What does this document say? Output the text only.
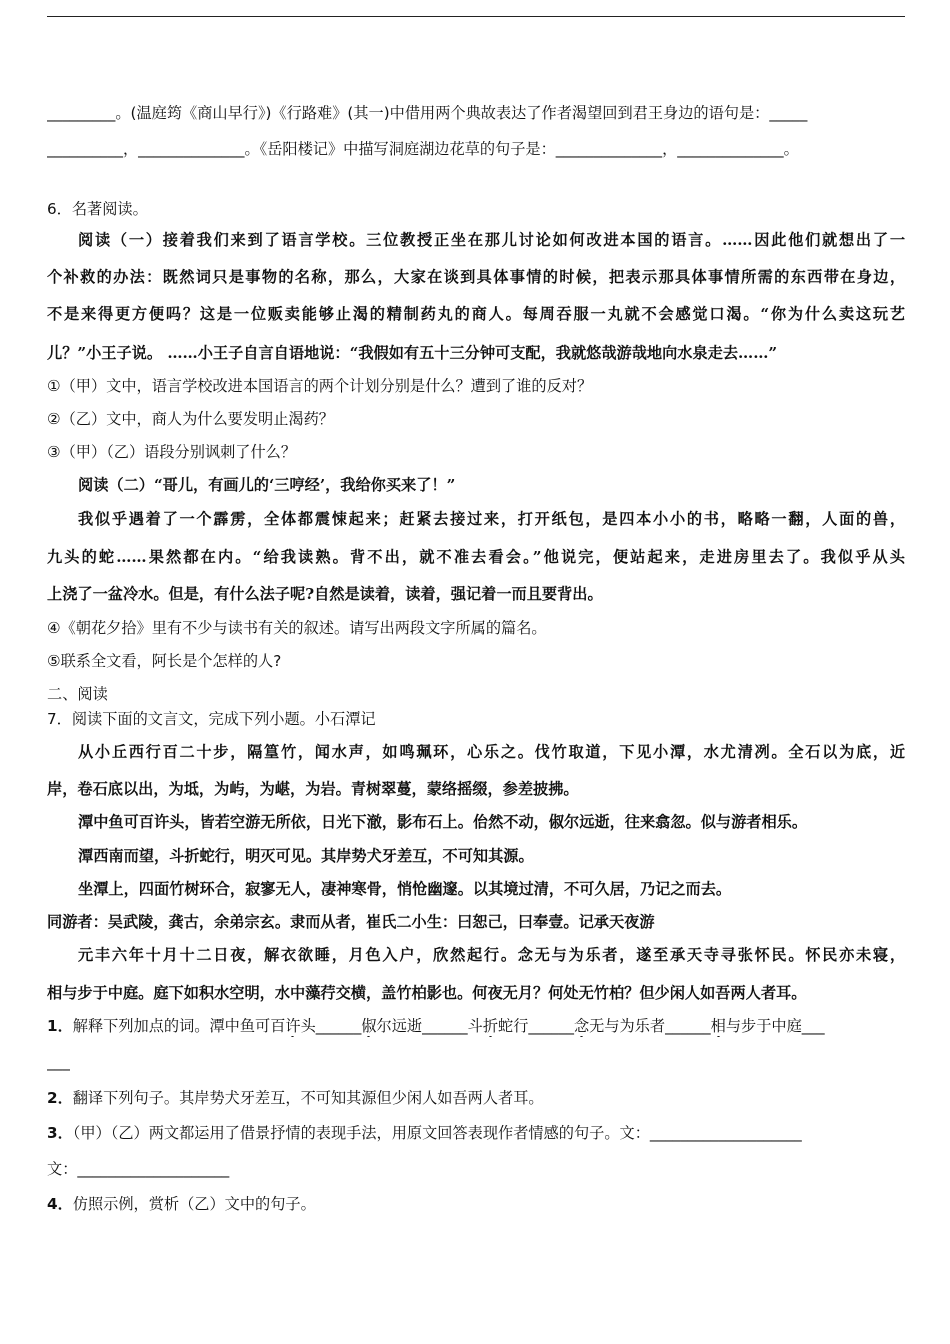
_________。(温庭筠《商山早行》)《行路难》(其一)中借用两个典故表达了作者渴望回到君王身边的语句是：_____
__________，______________。《岳阳楼记》中描写洞庭湖边花草的句子是：______________，______________。
6．名著阅读。
阅读（一）接着我们来到了语言学校。三位教授正坐在那儿讨论如何改进本国的语言。……因此他们就想出了一
个补救的办法：既然词只是事物的名称，那么，大家在谈到具体事情的时候，把表示那具体事情所需的东西带在身边，
不是来得更方便吗？这是一位贩卖能够止渴的精制药丸的商人。每周吞服一丸就不会感觉口渴。“你为什么卖这玩艺
儿？”小王子说。 ……小王子自言自语地说：“我假如有五十三分钟可支配，我就悠哉游哉地向水泉走去……”
①（甲）文中，语言学校改进本国语言的两个计划分别是什么？遭到了谁的反对？
②（乙）文中，商人为什么要发明止渴药？
③（甲）（乙）语段分别讽刺了什么？
阅读（二）“哥儿，有画儿的‘三哼经’，我给你买来了！”
我似乎遇着了一个霹雳，全体都震悚起来；赶紧去接过来，打开纸包，是四本小小的书，略略一翻，人面的兽，
九头的蛇……果然都在内。“给我读熟。背不出，就不准去看会。”他说完，便站起来，走进房里去了。我似乎从头
上浇了一盆冷水。但是，有什么法子呢?自然是读着，读着，强记着一而且要背出。
④《朝花夕拾》里有不少与读书有关的叙述。请写出两段文字所属的篇名。
⑤联系全文看，阿长是个怎样的人?
二、阅读
7．阅读下面的文言文，完成下列小题。小石潭记
从小丘西行百二十步，隔篁竹，闻水声，如鸣珮环，心乐之。伐竹取道，下见小潭，水尤清冽。全石以为底，近
岸，卷石底以出，为坻，为屿，为嵁，为岩。青树翠蔓，蒙络摇缀，参差披拂。
潭中鱼可百许头，皆若空游无所依，日光下澈，影布石上。佁然不动，俶尔远逝，往来翕忽。似与游者相乐。
潭西南而望，斗折蛇行，明灭可见。其岸势犬牙差互，不可知其源。
坐潭上，四面竹树环合，寂寥无人，凄神寒骨，悄怆幽邃。以其境过清，不可久居，乃记之而去。
同游者：吴武陵，龚古，余弟宗玄。隶而从者，崔氏二小生：曰恕己，曰奉壹。记承天夜游
元丰六年十月十二日夜，解衣欲睡，月色入户，欣然起行。念无与为乐者，遂至承天寺寻张怀民。怀民亦未寝，
相与步于中庭。庭下如积水空明，水中藻荇交横，盖竹柏影也。何夜无月？何处无竹柏？但少闲人如吾两人者耳。
1．解释下列加点的词。潭中鱼可百许头______俶尔远逝______斗折蛇行______念无与为乐者______相与步于中庭___
___
2．翻译下列句子。其岸势犬牙差互，不可知其源但少闲人如吾两人者耳。
3．（甲）（乙）两文都运用了借景抒情的表现手法，用原文回答表现作者情感的句子。文：____________________
文：____________________
4．仿照示例，赏析（乙）文中的句子。
